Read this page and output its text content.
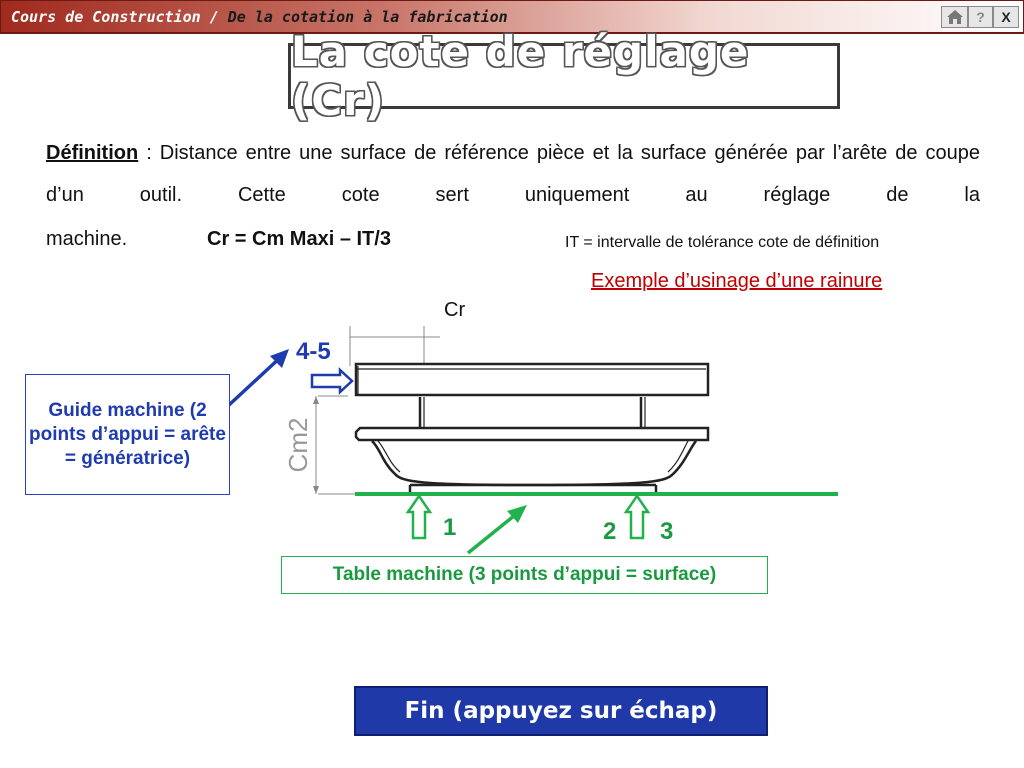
Cours de Construction / De la cotation à la fabrication	?	X
La cote de réglage (Cr)
Définition : Distance entre une surface de référence pièce et la surface générée par l’arête de coupe d’un outil. Cette cote sert uniquement au réglage de la
machine.	Cr = Cm Maxi – IT/3	IT = intervalle de tolérance cote de définition
Exemple d’usinage d’une rainure
Cr
Cm2
4-5
1	2 3
Guide machine (2 points d’appui = arête = génératrice)
Table machine (3 points d’appui = surface)
Fin (appuyez sur échap)
